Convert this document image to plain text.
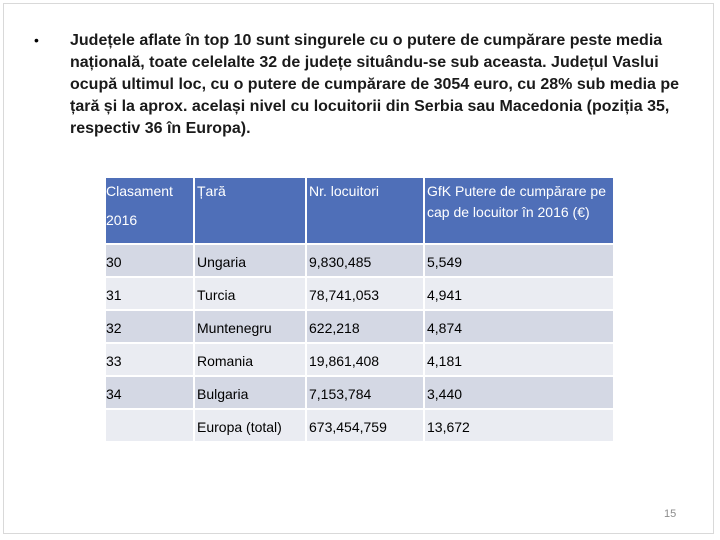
• Județele aflate în top 10 sunt singurele cu o putere de cumpărare peste media națională, toate celelalte 32 de județe situându-se sub aceasta. Județul Vaslui ocupă ultimul loc, cu o putere de cumpărare de 3054 euro, cu 28% sub media pe țară și la aprox. același nivel cu locuitorii din Serbia sau Macedonia (poziția 35, respectiv 36 în Europa).
Clasament
2016	Țară	Nr. locuitori	GfK Putere de cumpărare pe cap de locuitor în 2016 (€)

30	Ungaria	9,830,485	5,549
31	Turcia	78,741,053	4,941
32	Muntenegru	622,218	4,874
33	Romania	19,861,408	4,181
34	Bulgaria	7,153,784	3,440
	Europa (total)	673,454,759	13,672
15
